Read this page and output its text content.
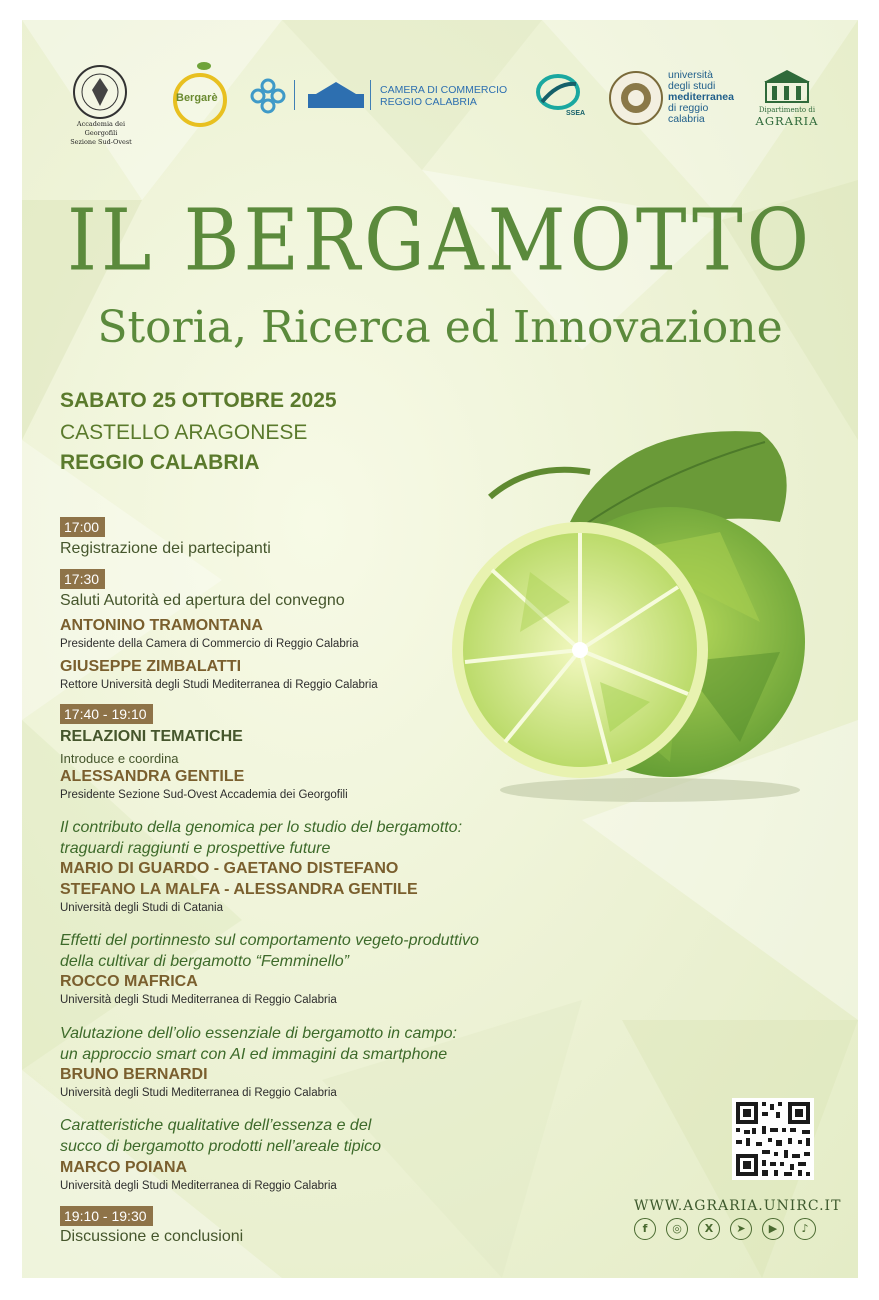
Accademia dei Georgofili
Sezione Sud-Ovest
Bergarè
CAMERA DI COMMERCIO
REGGIO CALABRIA
SSEA
università
degli studi
mediterranea
di reggio
calabria
Dipartimento di
AGRARIA
IL BERGAMOTTO
Storia, Ricerca ed Innovazione
SABATO 25 OTTOBRE 2025
CASTELLO ARAGONESE
REGGIO CALABRIA
17:00
Registrazione dei partecipanti
17:30
Saluti Autorità ed apertura del convegno
ANTONINO TRAMONTANA
Presidente della Camera di Commercio di Reggio Calabria
GIUSEPPE ZIMBALATTI
Rettore Università degli Studi Mediterranea di Reggio Calabria
17:40 - 19:10
RELAZIONI TEMATICHE
Introduce e coordina
ALESSANDRA GENTILE
Presidente Sezione Sud-Ovest Accademia dei Georgofili
Il contributo della genomica per lo studio del bergamotto:
traguardi raggiunti e prospettive future
MARIO DI GUARDO - GAETANO DISTEFANO
STEFANO LA MALFA - ALESSANDRA GENTILE
Università degli Studi di Catania
Effetti del portinnesto sul comportamento vegeto-produttivo
della cultivar di bergamotto “Femminello”
ROCCO MAFRICA
Università degli Studi Mediterranea di Reggio Calabria
Valutazione dell’olio essenziale di bergamotto in campo:
un approccio smart con AI ed immagini da smartphone
BRUNO BERNARDI
Università degli Studi Mediterranea di Reggio Calabria
Caratteristiche qualitative dell’essenza e del
succo di bergamotto prodotti nell’areale tipico
MARCO POIANA
Università degli Studi Mediterranea di Reggio Calabria
19:10 - 19:30
Discussione e conclusioni
WWW.AGRARIA.UNIRC.IT
f	◎	X	➤	▶	♪
